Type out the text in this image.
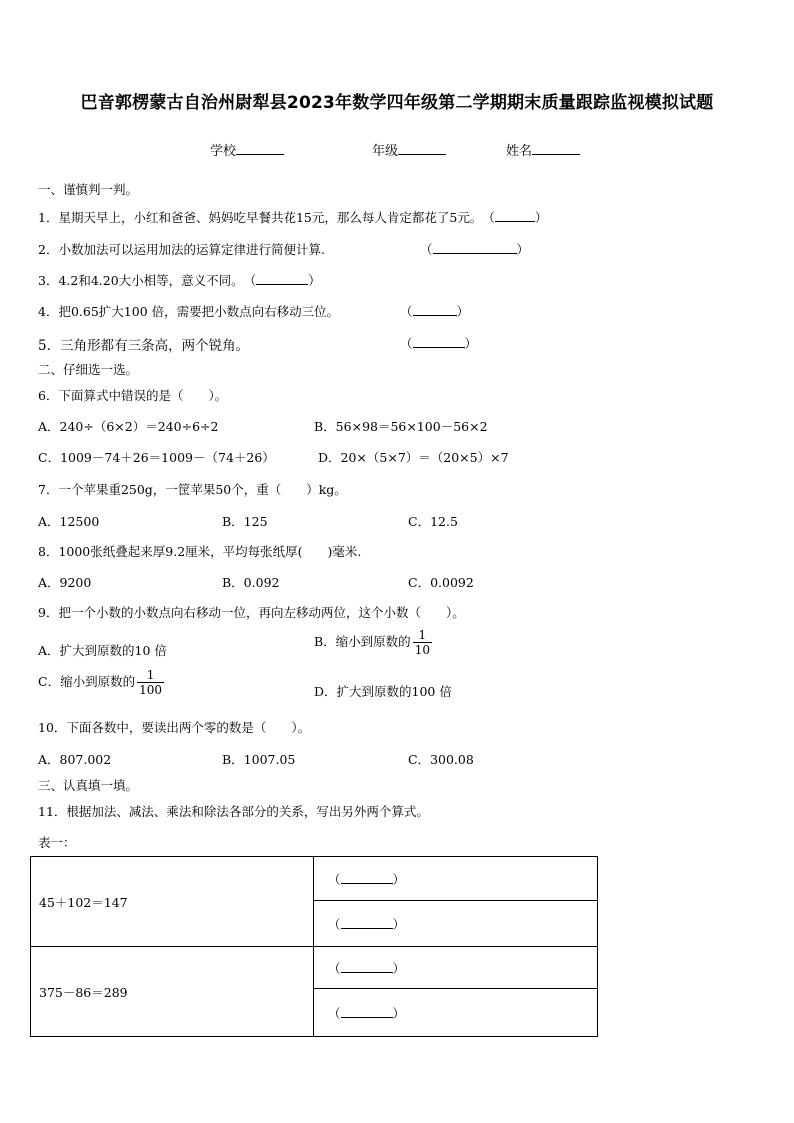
巴音郭楞蒙古自治州尉犁县2023年数学四年级第二学期期末质量跟踪监视模拟试题
学校	年级	姓名
一、谨慎判一判。
1．星期天早上，小红和爸爸、妈妈吃早餐共花15元，那么每人肯定都花了5元。（	）
2．小数加法可以运用加法的运算定律进行简便计算.	（	）
3．4.2和4.20大小相等，意义不同。（	）
4．把0.65扩大100 倍，需要把小数点向右移动三位。	（	）
5．三角形都有三条高，两个锐角。	（	）
二、仔细选一选。
6．下面算式中错误的是（　　）。
A．240÷（6×2）＝240÷6÷2	B．56×98＝56×100－56×2
C．1009－74＋26＝1009－（74＋26）	D．20×（5×7）＝（20×5）×7
7．一个苹果重250g，一筐苹果50个，重（　　）kg。
A．12500	B．125	C．12.5
8．1000张纸叠起来厚9.2厘米，平均每张纸厚(　　)毫米.
A．9200	B．0.092	C．0.0092
9．把一个小数的小数点向右移动一位，再向左移动两位，这个小数（　　）。
A．扩大到原数的10 倍
B．缩小到原数的 $\frac{1}{10}$
C．缩小到原数的 $\frac{1}{100}$	D．扩大到原数的100 倍
10．下面各数中，要读出两个零的数是（　　）。
A．807.002	B．1007.05	C．300.08
三、认真填一填。
11．根据加法、减法、乘法和除法各部分的关系，写出另外两个算式。
表一：
45＋102＝147	（ ）
	（ ）
375－86＝289	（ ）
	（ ）
